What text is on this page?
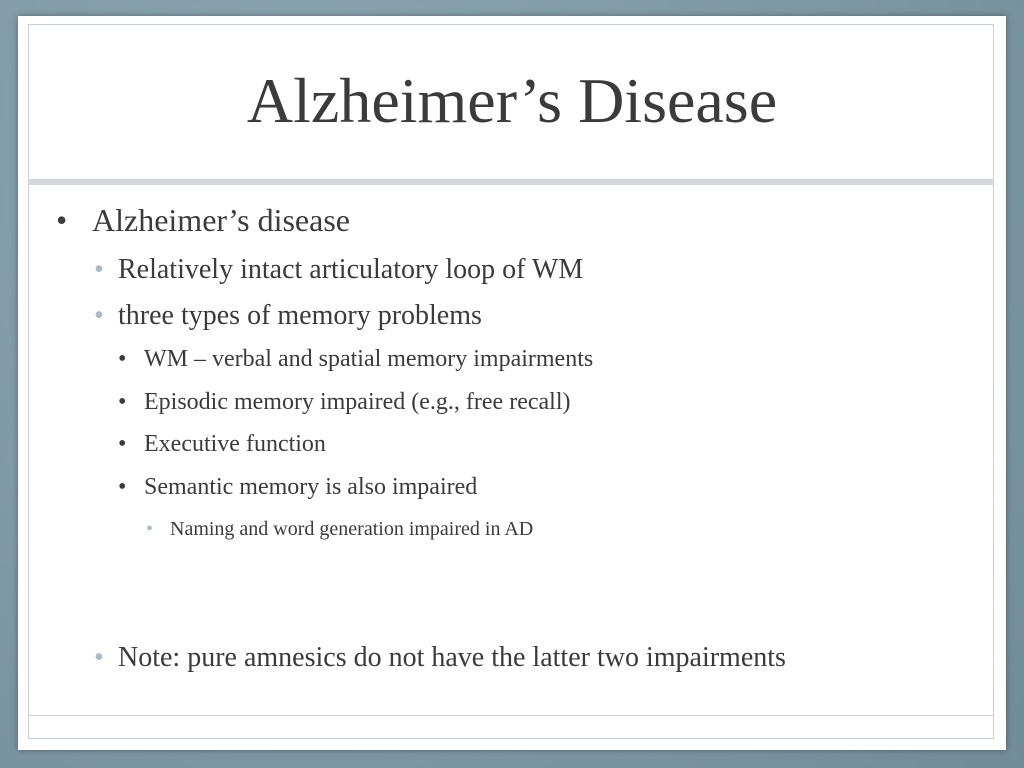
Alzheimer’s Disease
• Alzheimer’s disease

• Relatively intact articulatory loop of WM

• three types of memory problems

• WM – verbal and spatial memory impairments

• Episodic memory impaired (e.g., free recall)

• Executive function

• Semantic memory is also impaired

• Naming and word generation impaired in AD

• Note: pure amnesics do not have the latter two impairments
